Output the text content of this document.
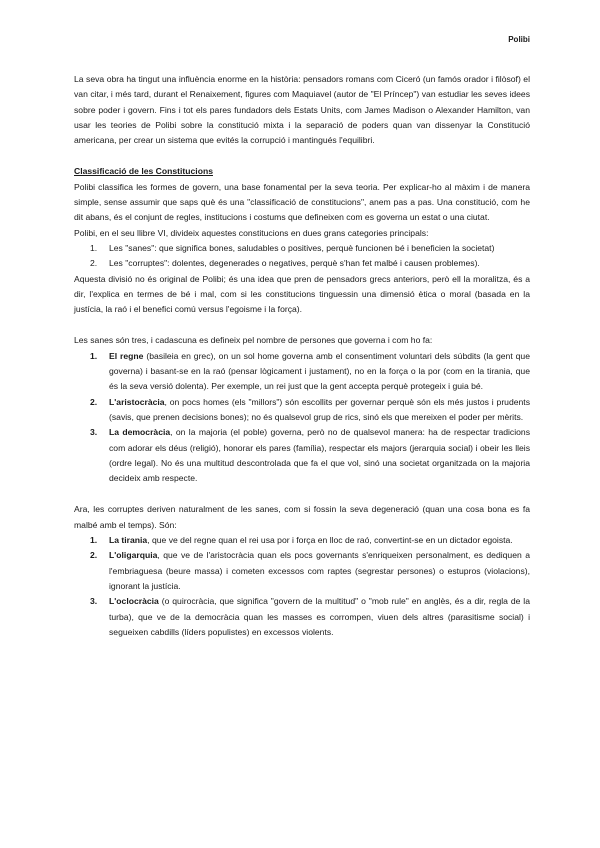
Polibi

La seva obra ha tingut una influència enorme en la història: pensadors romans com Ciceró (un famós orador i filòsof) el van citar, i més tard, durant el Renaixement, figures com Maquiavel (autor de "El Príncep") van estudiar les seves idees sobre poder i govern. Fins i tot els pares fundadors dels Estats Units, com James Madison o Alexander Hamilton, van usar les teories de Polibi sobre la constitució mixta i la separació de poders quan van dissenyar la Constitució americana, per crear un sistema que evités la corrupció i mantingués l'equilibri.

Classificació de les Constitucions

Polibi classifica les formes de govern, una base fonamental per la seva teoria. Per explicar-ho al màxim i de manera simple, sense assumir que saps què és una "classificació de constitucions", anem pas a pas. Una constitució, com he dit abans, és el conjunt de regles, institucions i costums que defineixen com es governa un estat o una ciutat.

Polibi, en el seu llibre VI, divideix aquestes constitucions en dues grans categories principals:

1. Les "sanes": que significa bones, saludables o positives, perquè funcionen bé i beneficien la societat)
2. Les "corruptes": dolentes, degenerades o negatives, perquè s'han fet malbé i causen problemes).

Aquesta divisió no és original de Polibi; és una idea que pren de pensadors grecs anteriors, però ell la moralitza, és a dir, l'explica en termes de bé i mal, com si les constitucions tinguessin una dimensió ètica o moral (basada en la justícia, la raó i el benefici comú versus l'egoisme i la força).

Les sanes són tres, i cadascuna es defineix pel nombre de persones que governa i com ho fa:

1. El regne (basileia en grec), on un sol home governa amb el consentiment voluntari dels súbdits (la gent que governa) i basant-se en la raó (pensar lògicament i justament), no en la força o la por (com en la tirania, que és la seva versió dolenta). Per exemple, un rei just que la gent accepta perquè protegeix i guia bé.
2. L'aristocràcia, on pocs homes (els "millors") són escollits per governar perquè són els més justos i prudents (savis, que prenen decisions bones); no és qualsevol grup de rics, sinó els que mereixen el poder per mèrits.
3. La democràcia, on la majoria (el poble) governa, però no de qualsevol manera: ha de respectar tradicions com adorar els déus (religió), honorar els pares (família), respectar els majors (jerarquia social) i obeir les lleis (ordre legal). No és una multitud descontrolada que fa el que vol, sinó una societat organitzada on la majoria decideix amb respecte.

Ara, les corruptes deriven naturalment de les sanes, com si fossin la seva degeneració (quan una cosa bona es fa malbé amb el temps). Són:

1. La tirania, que ve del regne quan el rei usa por i força en lloc de raó, convertint-se en un dictador egoista.
2. L'oligarquia, que ve de l'aristocràcia quan els pocs governants s'enriqueixen personalment, es dediquen a l'embriaguesa (beure massa) i cometen excessos com raptes (segrestar persones) o estupros (violacions), ignorant la justícia.
3. L'oclocràcia (o quirocràcia, que significa "govern de la multitud" o "mob rule" en anglès, és a dir, regla de la turba), que ve de la democràcia quan les masses es corrompen, viuen dels altres (parasitisme social) i segueixen cabdills (líders populistes) en excessos violents.
